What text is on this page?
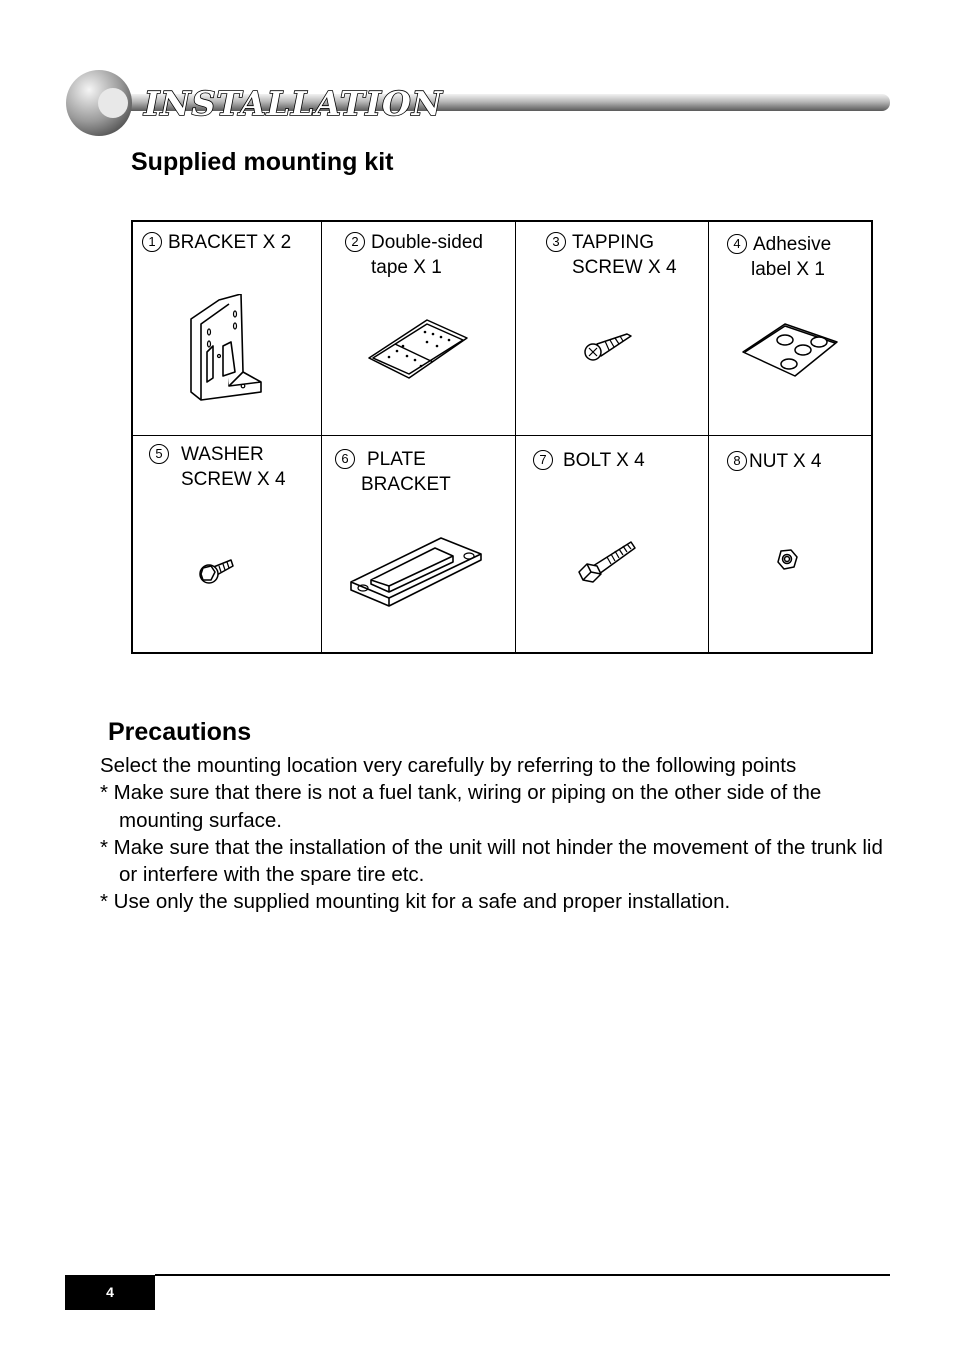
INSTALLATION
Supplied mounting kit
1 BRACKET X 2	2 Double-sided
tape X 1
3 TAPPING
SCREW X 4
4 Adhesive
label X 1
5 WASHER
SCREW X 4
6 PLATE
BRACKET
7 BOLT X 4	8 NUT X 4
Precautions

Select the mounting location very carefully by referring to the following points

* Make sure that there is not a fuel tank, wiring or piping on the other side of the mounting surface.

* Make sure that the installation of the unit will not hinder the movement of the trunk lid or interfere with the spare tire etc.

* Use only the supplied mounting kit for a safe and proper installation.

4
